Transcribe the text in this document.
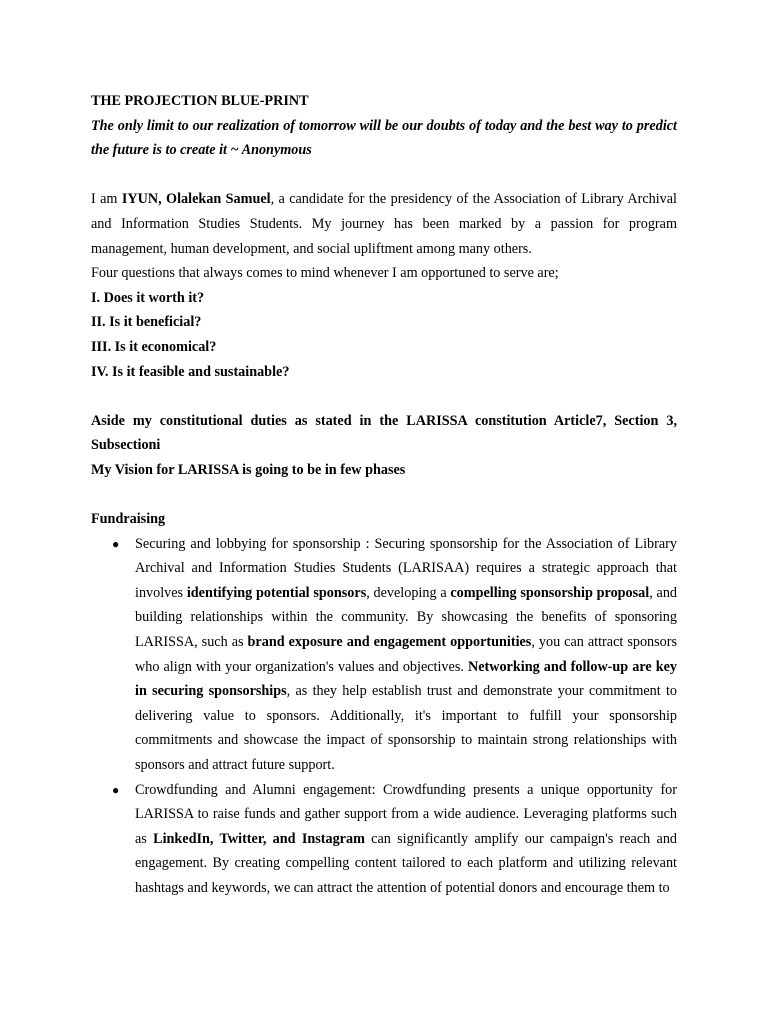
THE PROJECTION BLUE-PRINT
The only limit to our realization of tomorrow will be our doubts of today and the best way to predict the future is to create it ~ Anonymous
I am IYUN, Olalekan Samuel, a candidate for the presidency of the Association of Library Archival and Information Studies Students. My journey has been marked by a passion for program management, human development, and social upliftment among many others.
Four questions that always comes to mind whenever I am opportuned to serve are;
I. Does it worth it?
II. Is it beneficial?
III. Is it economical?
IV. Is it feasible and sustainable?
Aside my constitutional duties as stated in the LARISSA constitution Article7, Section 3, Subsectioni
My Vision for LARISSA is going to be in few phases
Fundraising
● Securing and lobbying for sponsorship : Securing sponsorship for the Association of Library Archival and Information Studies Students (LARISAA) requires a strategic approach that involves identifying potential sponsors, developing a compelling sponsorship proposal, and building relationships within the community. By showcasing the benefits of sponsoring LARISSA, such as brand exposure and engagement opportunities, you can attract sponsors who align with your organization's values and objectives. Networking and follow-up are key in securing sponsorships, as they help establish trust and demonstrate your commitment to delivering value to sponsors. Additionally, it's important to fulfill your sponsorship commitments and showcase the impact of sponsorship to maintain strong relationships with sponsors and attract future support.
● Crowdfunding and Alumni engagement: Crowdfunding presents a unique opportunity for LARISSA to raise funds and gather support from a wide audience. Leveraging platforms such as LinkedIn, Twitter, and Instagram can significantly amplify our campaign's reach and engagement. By creating compelling content tailored to each platform and utilizing relevant hashtags and keywords, we can attract the attention of potential donors and encourage them to
